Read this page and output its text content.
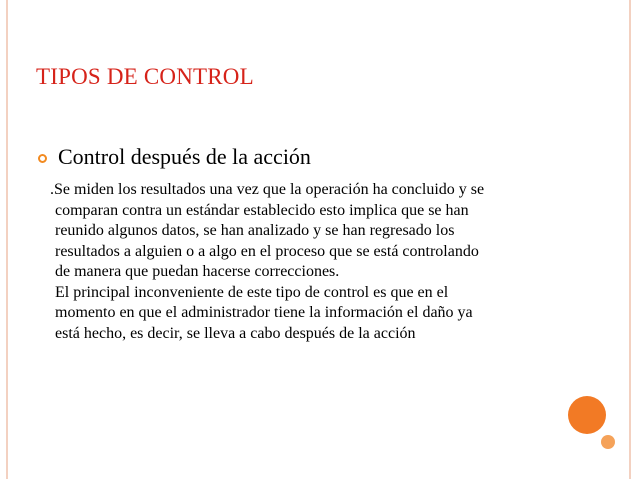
TIPOS DE CONTROL
Control después de la acción
.Se miden los resultados una vez que la operación ha concluido y se
comparan contra un estándar establecido esto implica que se han
reunido algunos datos, se han analizado y se han regresado los
resultados a alguien o a algo en el proceso que se está controlando
de manera que puedan hacerse correcciones.
El principal inconveniente de este tipo de control es que en el
momento en que el administrador tiene la información el daño ya
está hecho, es decir, se lleva a cabo después de la acción
